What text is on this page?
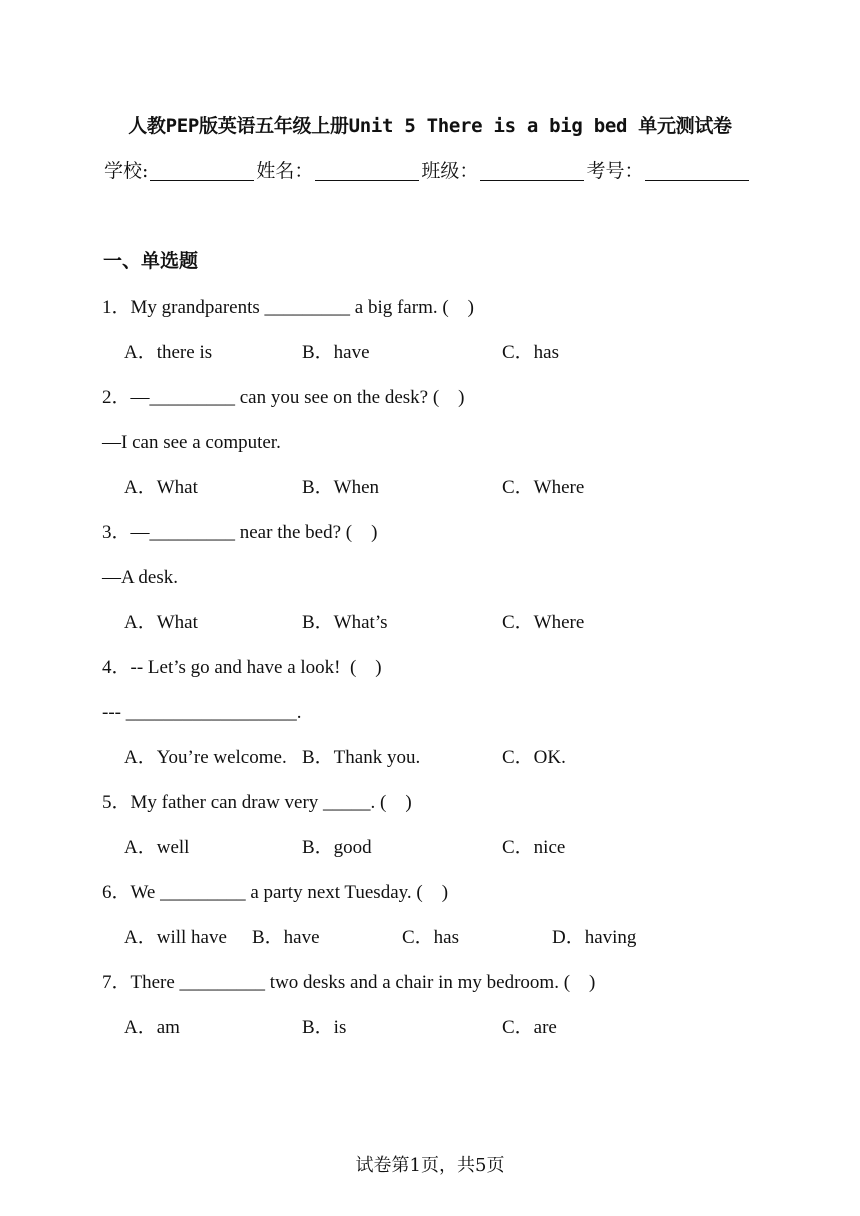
人教PEP版英语五年级上册Unit 5 There is a big bed 单元测试卷
学校:	姓名：	班级：	考号：
一、单选题
1．My grandparents _________ a big farm. (    )
A．there is	B．have	C．has
2．—_________ can you see on the desk? (    )
—I can see a computer.
A．What	B．When	C．Where
3．—_________ near the bed? (    )
—A desk.
A．What	B．What’s	C．Where
4．-- Let’s go and have a look!  (    )
--- __________________.
A．You’re welcome. B．Thank you.	C．OK.
5．My father can draw very _____. (    )
A．well	B．good	C．nice
6．We _________ a party next Tuesday. (    )
A．will have B．have	C．has	D．having
7．There _________ two desks and a chair in my bedroom. (    )
A．am	B．is	C．are
试卷第1页，共5页
